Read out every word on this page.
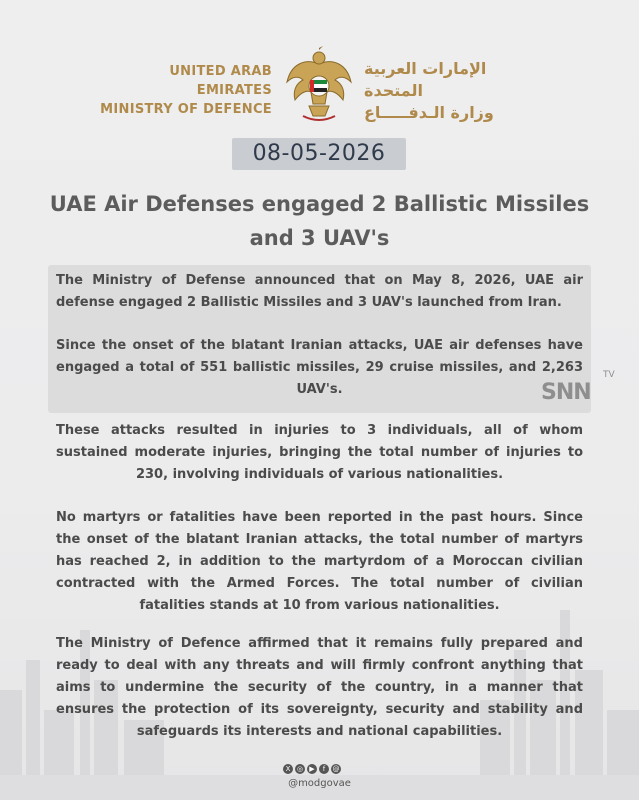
UNITED ARAB EMIRATES
MINISTRY OF DEFENCE
الإمارات العربية المتحدة
وزارة الـدفـــــاع
08-05-2026
UAE Air Defenses engaged 2 Ballistic Missiles and 3 UAV's
The Ministry of Defense announced that on May 8, 2026, UAE air defense engaged 2 Ballistic Missiles and 3 UAV's launched from Iran.
Since the onset of the blatant Iranian attacks, UAE air defenses have engaged a total of 551 ballistic missiles, 29 cruise missiles, and 2,263 UAV's.	SNN
TV
These attacks resulted in injuries to 3 individuals, all of whom sustained moderate injuries, bringing the total number of injuries to 230, involving individuals of various nationalities.
No martyrs or fatalities have been reported in the past hours. Since the onset of the blatant Iranian attacks, the total number of martyrs has reached 2, in addition to the martyrdom of a Moroccan civilian contracted with the Armed Forces. The total number of civilian fatalities stands at 10 from various nationalities.
The Ministry of Defence affirmed that it remains fully prepared and ready to deal with any threats and will firmly confront anything that aims to undermine the security of the country, in a manner that ensures the protection of its sovereignty, security and stability and safeguards its interests and national capabilities.
X ◎ ▶	f	@
@modgovae
